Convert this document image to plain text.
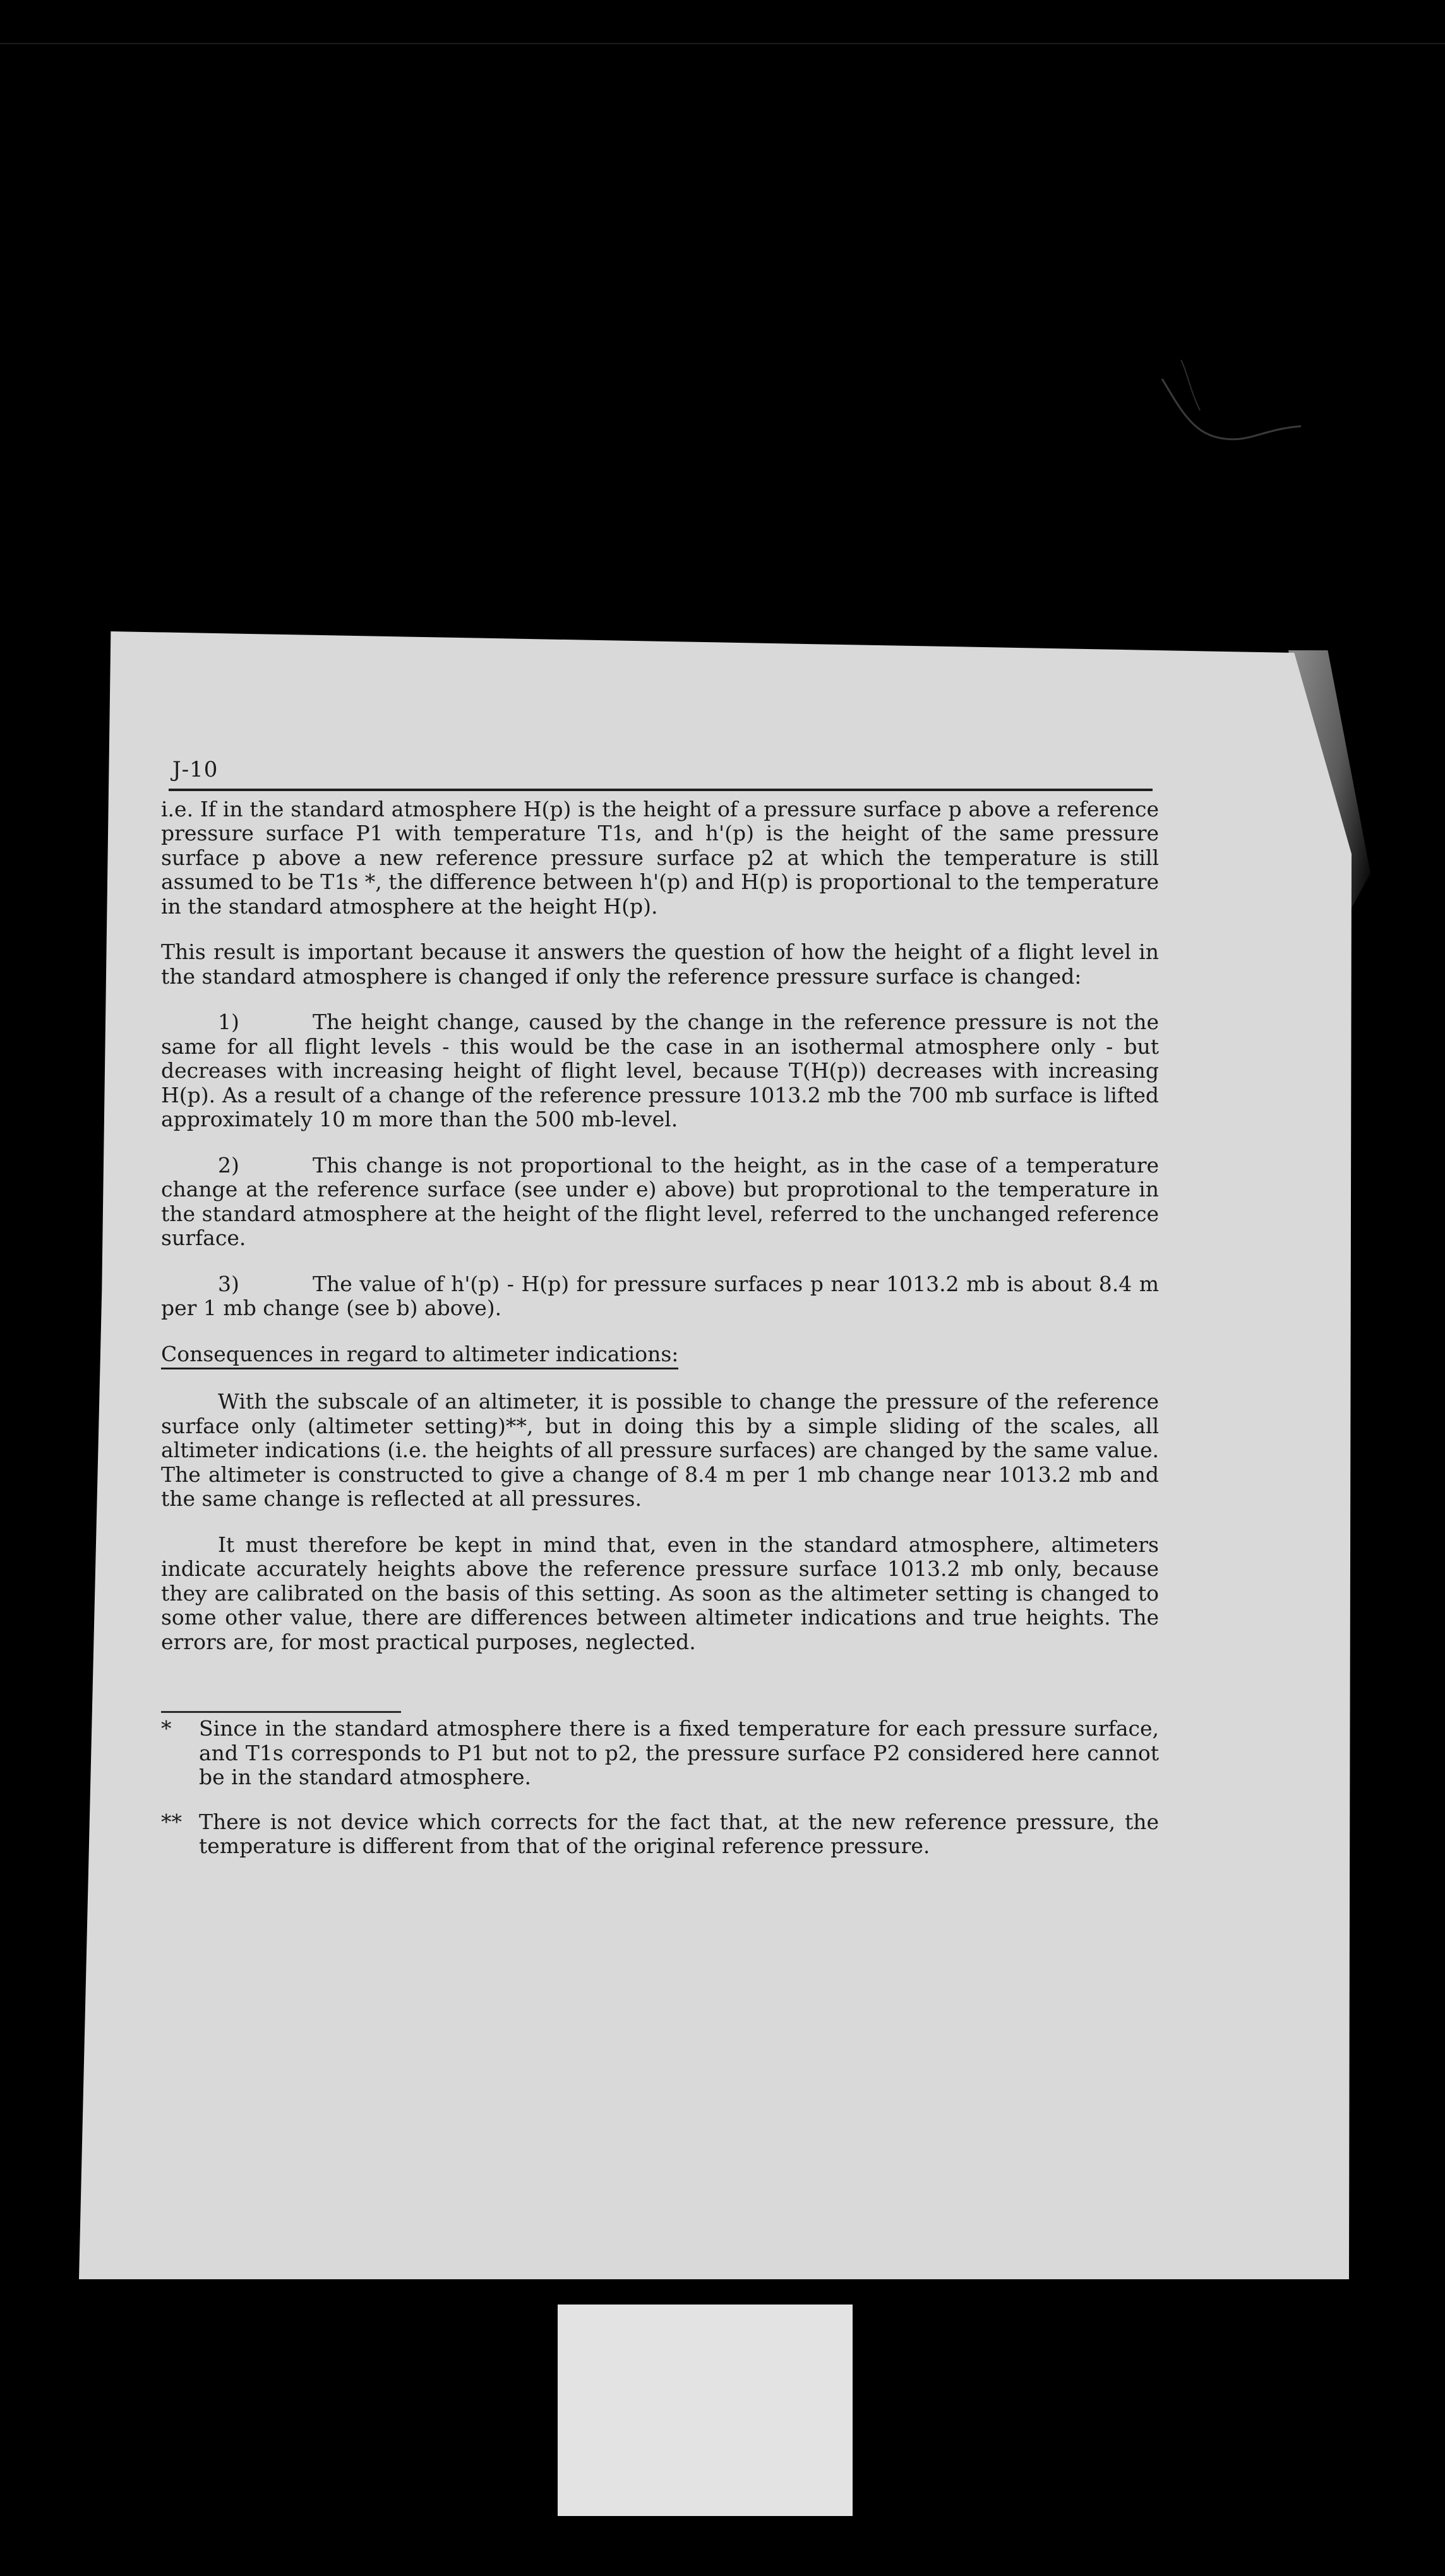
J-10

i.e. If in the standard atmosphere H(p) is the height of a pressure surface p above a reference pressure surface P1 with temperature T1s, and h'(p) is the height of the same pressure surface p above a new reference pressure surface p2 at which the temperature is still assumed to be T1s *, the difference between h'(p) and H(p) is proportional to the temperature in the standard atmosphere at the height H(p).

This result is important because it answers the question of how the height of a flight level in the standard atmosphere is changed if only the reference pressure surface is changed:

1)	The height change, caused by the change in the reference pressure is not the same for all flight levels - this would be the case in an isothermal atmosphere only - but decreases with increasing height of flight level, because T(H(p)) decreases with increasing H(p). As a result of a change of the reference pressure 1013.2 mb the 700 mb surface is lifted approximately 10 m more than the 500 mb-level.

2)	This change is not proportional to the height, as in the case of a temperature change at the reference surface (see under e) above) but proprotional to the temperature in the standard atmosphere at the height of the flight level, referred to the unchanged reference surface.

3)	The value of h'(p) - H(p) for pressure surfaces p near 1013.2 mb is about 8.4 m per 1 mb change (see b) above).

Consequences in regard to altimeter indications:

With the subscale of an altimeter, it is possible to change the pressure of the reference surface only (altimeter setting)**, but in doing this by a simple sliding of the scales, all altimeter indications (i.e. the heights of all pressure surfaces) are changed by the same value. The altimeter is constructed to give a change of 8.4 m per 1 mb change near 1013.2 mb and the same change is reflected at all pressures.

It must therefore be kept in mind that, even in the standard atmosphere, altimeters indicate accurately heights above the reference pressure surface 1013.2 mb only, because they are calibrated on the basis of this setting. As soon as the altimeter setting is changed to some other value, there are differences between altimeter indications and true heights. The errors are, for most practical purposes, neglected.

*	Since in the standard atmosphere there is a fixed temperature for each pressure surface, and T1s corresponds to P1 but not to p2, the pressure surface P2 considered here cannot be in the standard atmosphere.
** There is not device which corrects for the fact that, at the new reference pressure, the temperature is different from that of the original reference pressure.
